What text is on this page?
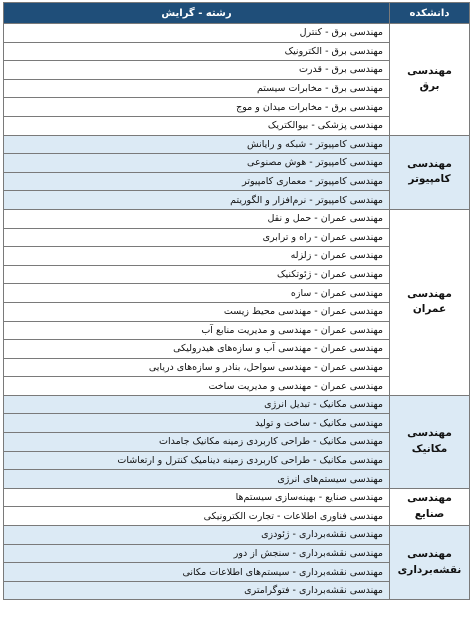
دانشکده	رشته - گرایش
مهندسی برق	مهندسی برق - کنترل
	مهندسی برق - الکترونیک
	مهندسی برق - قدرت
	مهندسی برق - مخابرات سیستم
	مهندسی برق - مخابرات میدان و موج
	مهندسی پزشکی - بیوالکتریک
مهندسی کامپیوتر	مهندسی کامپیوتر - شبکه و رایانش
	مهندسی کامپیوتر - هوش مصنوعی
	مهندسی کامپیوتر - معماری کامپیوتر
	مهندسی کامپیوتر - نرم‌افزار و الگوریتم
مهندسی عمران	مهندسی عمران - حمل و نقل
	مهندسی عمران - راه و ترابری
	مهندسی عمران - زلزله
	مهندسی عمران - ژئوتکنیک
	مهندسی عمران - سازه
	مهندسی عمران - مهندسی محیط زیست
	مهندسی عمران - مهندسی و مدیریت منابع آب
	مهندسی عمران - مهندسی آب و سازه‌های هیدرولیکی
	مهندسی عمران - مهندسی سواحل، بنادر و سازه‌های دریایی
	مهندسی عمران - مهندسی و مدیریت ساخت
مهندسی مکانیک	مهندسی مکانیک - تبدیل انرژی
	مهندسی مکانیک - ساخت و تولید
	مهندسی مکانیک - طراحی کاربردی زمینه مکانیک جامدات
	مهندسی مکانیک - طراحی کاربردی زمینه دینامیک کنترل و ارتعاشات
	مهندسی سیستم‌های انرژی
مهندسی صنایع	مهندسی صنایع - بهینه‌سازی سیستم‌ها
	مهندسی فناوری اطلاعات - تجارت الکترونیکی
مهندسی نقشه‌برداری	مهندسی نقشه‌برداری - ژئودزی
	مهندسی نقشه‌برداری - سنجش از دور
	مهندسی نقشه‌برداری - سیستم‌های اطلاعات مکانی
	مهندسی نقشه‌برداری - فتوگرامتری
